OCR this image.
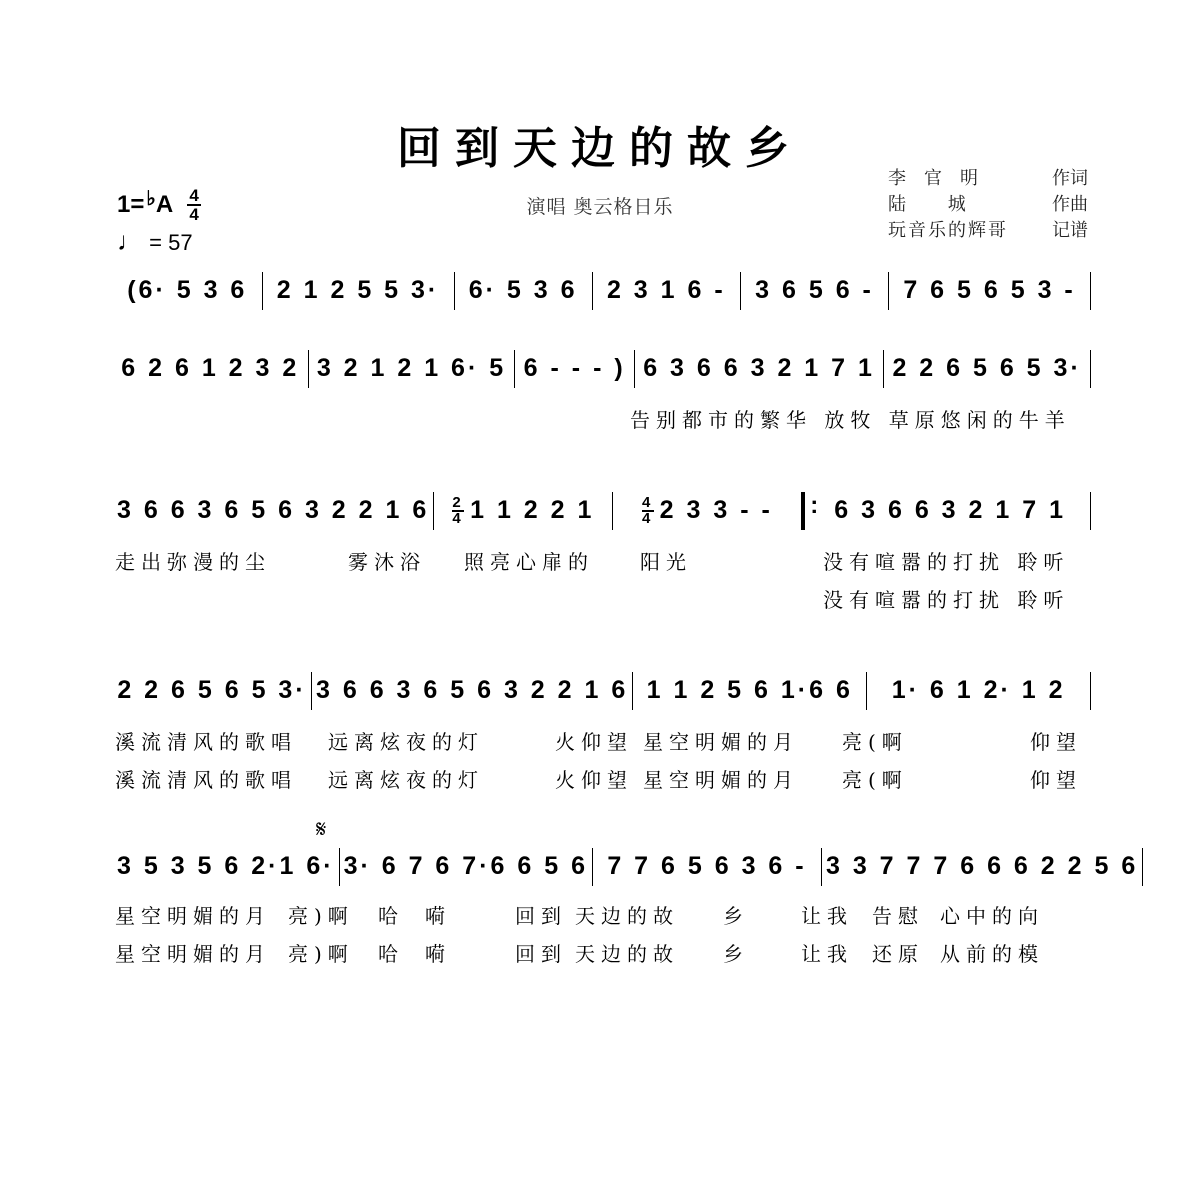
回到天边的故乡
演唱 奥云格日乐
李官明	作词
陆 城	作曲
玩音乐的辉哥 记谱
1= ♭ A 4
4
♩ = 57
(6· 5 3 6	2 1 2 5 5 3·	6· 5 3 6	2 3 1 6 -	3 6 5 6 -	7 6 5 6 5 3 -
6 2 6 1 2 3 2 3 2 1 2 1 6· 5 6 - - - ) 6 3 6 6 3 2 1 7 1 2 2 6 5 6 5 3·

告别都市的繁华 放牧 草原悠闲的牛羊

3 6 6 3 6 5 6 3 2 2 1 $6 \frac{2}{4} 1$ 1 2 2 1	$\frac{4}{4} 2$ 3 3 - -
:	6 3 6 6 3 2 1 7 1

走出弥漫的尘

	雾沐浴

照亮心扉的

阳光

	没有喧嚣的打扰 聆听

没有喧嚣的打扰 聆听

2 2 6 5 6 5 3· 3 6 6 3 6 5 6 3 2 2 1 6 1 1 2 5 6 1·6 6	1· 6 1 2· 1 2

溪流清风的歌唱

远离炫夜的灯

	火仰望

星空明媚的月

亮(啊

	仰望

溪流清风的歌唱

远离炫夜的灯

	火仰望

星空明媚的月

亮(啊

	仰望

𝄋
3 5 3 5 6 2·1 6· 3· 6 7 6 7·6 6 5 6 7 7 6 5 6 3 6 - 3 3 7 7 7 6 6 6 2 2 5 6

星空明媚的月

亮)啊

哈

嗬

	回到

天边的故

乡

	让我

告慰

心中的向

星空明媚的月

亮)啊

哈

嗬

	回到

天边的故

乡

	让我

还原

从前的模
